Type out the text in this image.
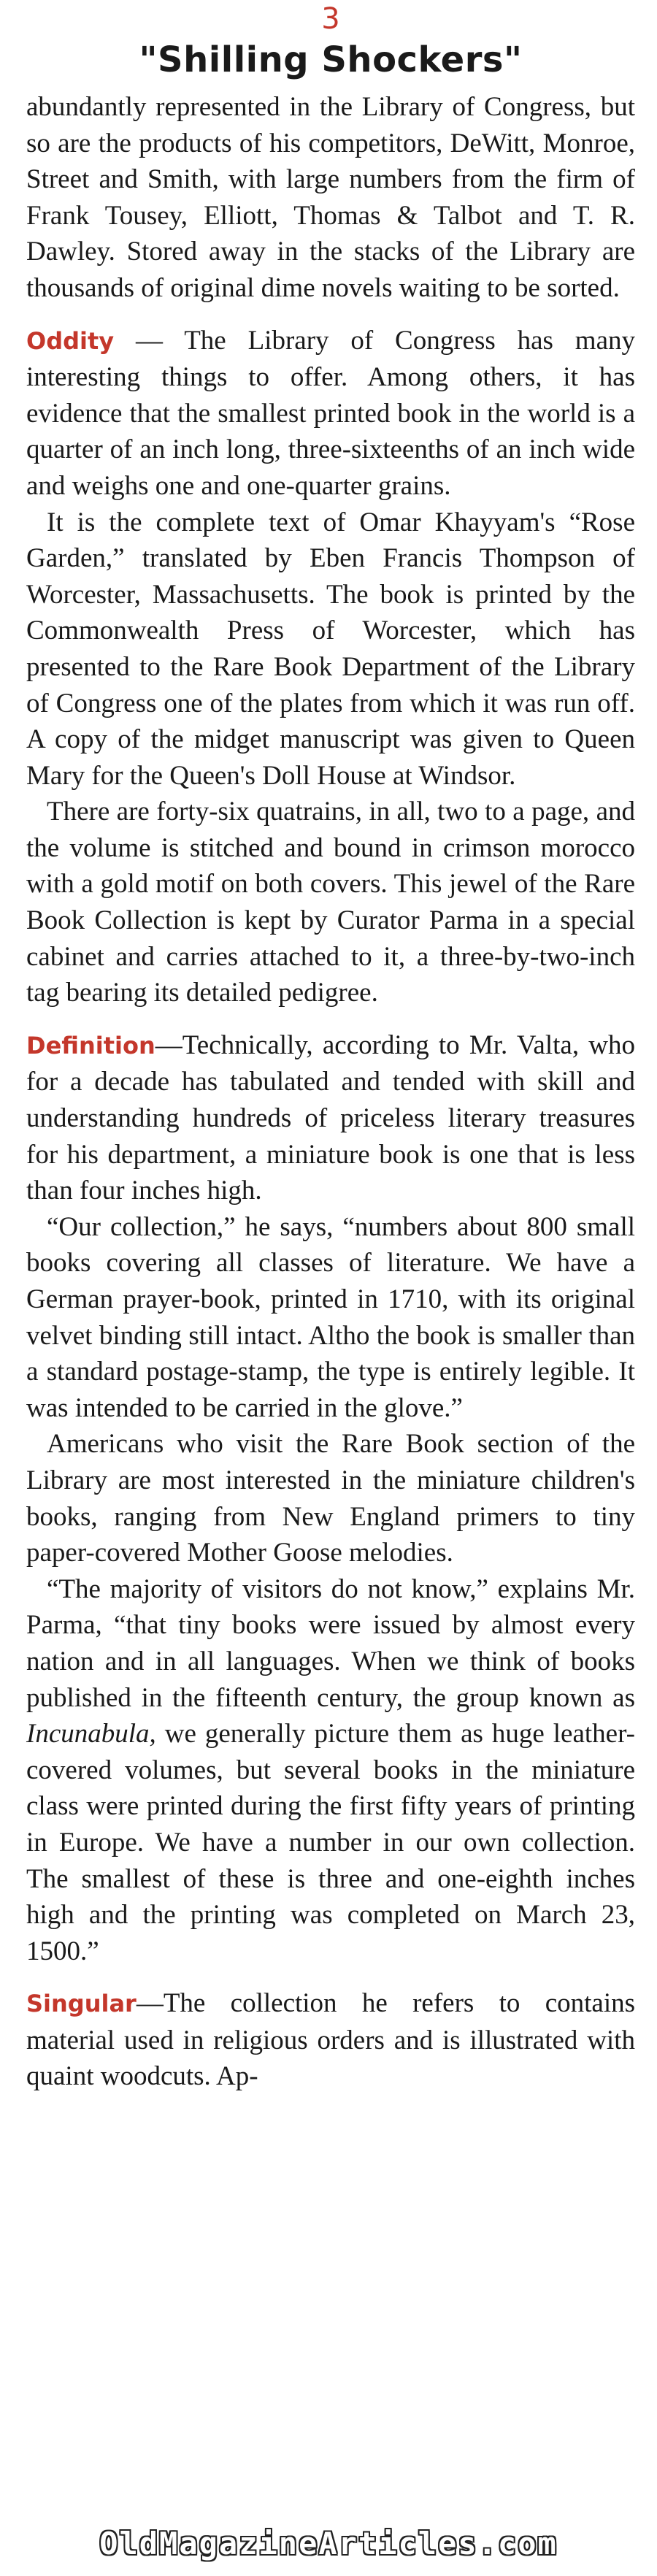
3
"Shilling Shockers"

abundantly represented in the Library of Congress, but so are the products of his competitors, DeWitt, Monroe, Street and Smith, with large numbers from the firm of Frank Tousey, Elliott, Thomas & Talbot and T. R. Dawley. Stored away in the stacks of the Library are thousands of original dime novels waiting to be sorted.

Oddity — The Library of Congress has many interesting things to offer. Among others, it has evidence that the smallest printed book in the world is a quarter of an inch long, three-sixteenths of an inch wide and weighs one and one-quarter grains.

It is the complete text of Omar Khayyam's “Rose Garden,” translated by Eben Francis Thompson of Worcester, Massachusetts. The book is printed by the Commonwealth Press of Worcester, which has presented to the Rare Book Department of the Library of Congress one of the plates from which it was run off. A copy of the midget manuscript was given to Queen Mary for the Queen's Doll House at Windsor.

There are forty-six quatrains, in all, two to a page, and the volume is stitched and bound in crimson morocco with a gold motif on both covers. This jewel of the Rare Book Collection is kept by Curator Parma in a special cabinet and carries attached to it, a three-by-two-inch tag bearing its detailed pedigree.

Definition—Technically, according to Mr. Valta, who for a decade has tabulated and tended with skill and understanding hundreds of priceless literary treasures for his department, a miniature book is one that is less than four inches high.

“Our collection,” he says, “numbers about 800 small books covering all classes of literature. We have a German prayer-book, printed in 1710, with its original velvet binding still intact. Altho the book is smaller than a standard postage-stamp, the type is entirely legible. It was intended to be carried in the glove.”

Americans who visit the Rare Book section of the Library are most interested in the miniature children's books, ranging from New England primers to tiny paper-covered Mother Goose melodies.

“The majority of visitors do not know,” explains Mr. Parma, “that tiny books were issued by almost every nation and in all languages. When we think of books published in the fifteenth century, the group known as Incunabula, we generally picture them as huge leather-covered volumes, but several books in the miniature class were printed during the first fifty years of printing in Europe. We have a number in our own collection. The smallest of these is three and one-eighth inches high and the printing was completed on March 23, 1500.”

Singular—The collection he refers to contains material used in religious orders and is illustrated with quaint woodcuts. Ap-

OldMagazineArticles.com
